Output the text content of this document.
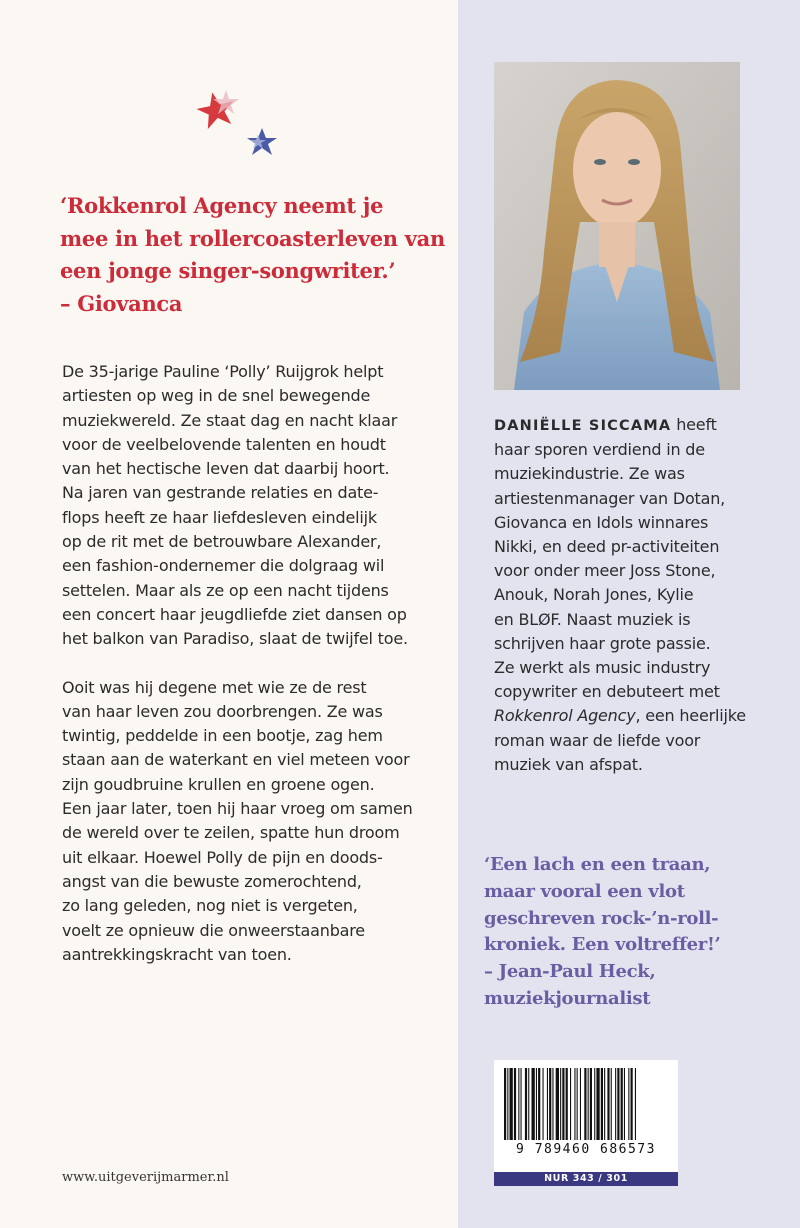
‘Rokkenrol Agency neemt je
mee in het rollercoasterleven van
een jonge singer-songwriter.’
– Giovanca

De 35-jarige Pauline ‘Polly’ Ruijgrok helpt
artiesten op weg in de snel bewegende
muziekwereld. Ze staat dag en nacht klaar
voor de veelbelovende talenten en houdt
van het hectische leven dat daarbij hoort.
Na jaren van gestrande relaties en date-
flops heeft ze haar liefdesleven eindelijk
op de rit met de betrouwbare Alexander,
een fashion-ondernemer die dolgraag wil
settelen. Maar als ze op een nacht tijdens
een concert haar jeugdliefde ziet dansen op
het balkon van Paradiso, slaat de twijfel toe.

Ooit was hij degene met wie ze de rest
van haar leven zou doorbrengen. Ze was
twintig, peddelde in een bootje, zag hem
staan aan de waterkant en viel meteen voor
zijn goudbruine krullen en groene ogen.
Een jaar later, toen hij haar vroeg om samen
de wereld over te zeilen, spatte hun droom
uit elkaar. Hoewel Polly de pijn en doods-
angst van die bewuste zomerochtend,
zo lang geleden, nog niet is vergeten,
voelt ze opnieuw die onweerstaanbare
aantrekkingskracht van toen.

www.uitgeverijmarmer.nl
DANIËLLE SICCAMA heeft
haar sporen verdiend in de
muziekindustrie. Ze was
artiestenmanager van Dotan,
Giovanca en Idols winnares
Nikki, en deed pr-activiteiten
voor onder meer Joss Stone,
Anouk, Norah Jones, Kylie
en BLØF. Naast muziek is
schrijven haar grote passie.
Ze werkt als music industry
copywriter en debuteert met
Rokkenrol Agency, een heerlijke
roman waar de liefde voor
muziek van afspat.
‘Een lach en een traan,
maar vooral een vlot
geschreven rock-’n-roll-
kroniek. Een voltreffer!’
– Jean-Paul Heck,
muziekjournalist
9 789460 686573
NUR 343 / 301
